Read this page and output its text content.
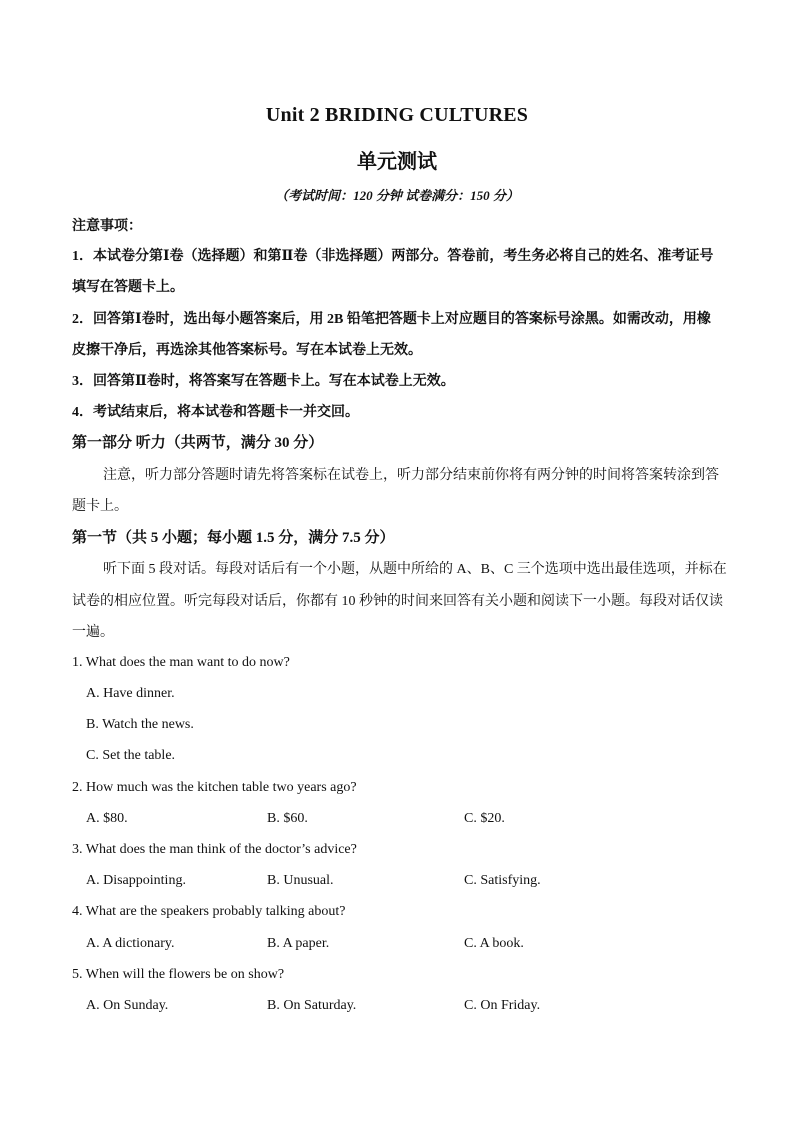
Unit 2 BRIDING CULTURES
单元测试
（考试时间：120 分钟 试卷满分：150 分）
注意事项：
1．本试卷分第Ⅰ卷（选择题）和第Ⅱ卷（非选择题）两部分。答卷前，考生务必将自己的姓名、准考证号
填写在答题卡上。
2．回答第Ⅰ卷时，选出每小题答案后，用 2B 铅笔把答题卡上对应题目的答案标号涂黑。如需改动，用橡
皮擦干净后，再选涂其他答案标号。写在本试卷上无效。
3．回答第Ⅱ卷时，将答案写在答题卡上。写在本试卷上无效。
4．考试结束后，将本试卷和答题卡一并交回。
第一部分 听力（共两节，满分 30 分）
注意，听力部分答题时请先将答案标在试卷上，听力部分结束前你将有两分钟的时间将答案转涂到答
题卡上。
第一节（共 5 小题；每小题 1.5 分，满分 7.5 分）
听下面 5 段对话。每段对话后有一个小题，从题中所给的 A、B、C 三个选项中选出最佳选项，并标在
试卷的相应位置。听完每段对话后，你都有 10 秒钟的时间来回答有关小题和阅读下一小题。每段对话仅读
一遍。
1. What does the man want to do now?
A. Have dinner.
B. Watch the news.
C. Set the table.
2. How much was the kitchen table two years ago?
A. $80.	B. $60.	C. $20.
3. What does the man think of the doctor’s advice?
A. Disappointing.	B. Unusual.	C. Satisfying.
4. What are the speakers probably talking about?
A. A dictionary.	B. A paper.	C. A book.
5. When will the flowers be on show?
A. On Sunday.	B. On Saturday.	C. On Friday.
